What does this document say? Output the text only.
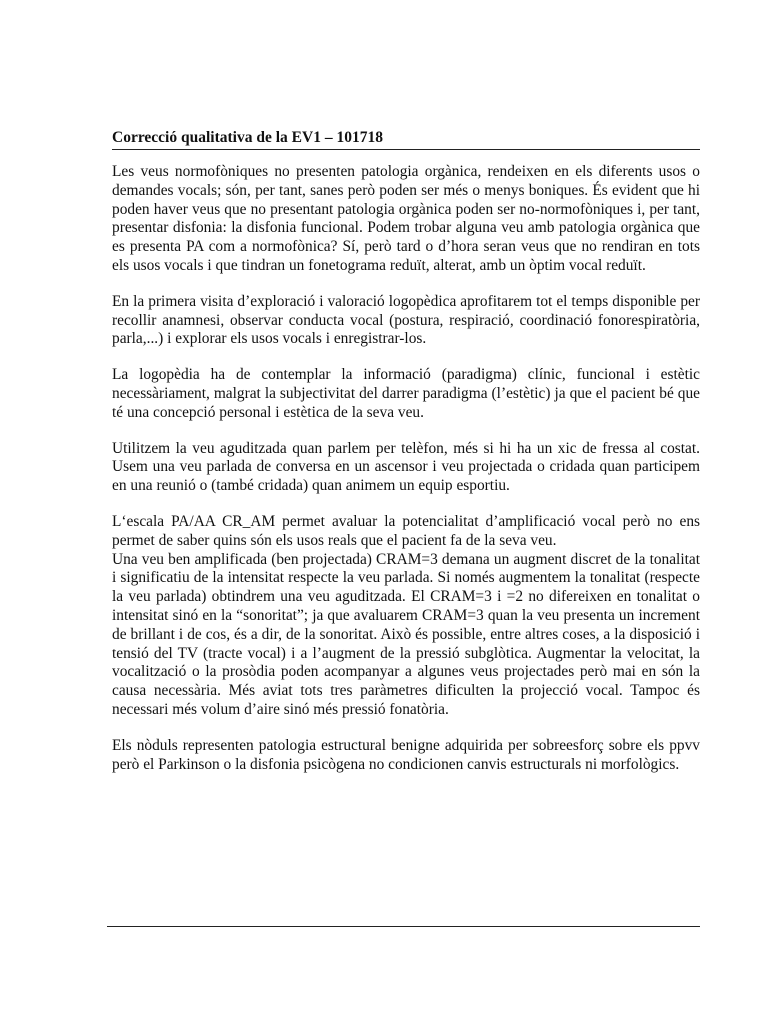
Correcció qualitativa de la EV1 – 101718

Les veus normofòniques no presenten patologia orgànica, rendeixen en els diferents usos o demandes vocals; són, per tant, sanes però poden ser més o menys boniques. És evident que hi poden haver veus que no presentant patologia orgànica poden ser no-normofòniques i, per tant, presentar disfonia: la disfonia funcional. Podem trobar alguna veu amb patologia orgànica que es presenta PA com a normofònica? Sí, però tard o d’hora seran veus que no rendiran en tots els usos vocals i que tindran un fonetograma reduït, alterat, amb un òptim vocal reduït.

En la primera visita d’exploració i valoració logopèdica aprofitarem tot el temps disponible per recollir anamnesi, observar conducta vocal (postura, respiració, coordinació fonorespiratòria, parla,...) i explorar els usos vocals i enregistrar-los.

La logopèdia ha de contemplar la informació (paradigma) clínic, funcional i estètic necessàriament, malgrat la subjectivitat del darrer paradigma (l’estètic) ja que el pacient bé que té una concepció personal i estètica de la seva veu.

Utilitzem la veu aguditzada quan parlem per telèfon, més si hi ha un xic de fressa al costat. Usem una veu parlada de conversa en un ascensor i veu projectada o cridada quan participem en una reunió o (també cridada) quan animem un equip esportiu.

L‘escala PA/AA CR_AM permet avaluar la potencialitat d’amplificació vocal però no ens permet de saber quins són els usos reals que el pacient fa de la seva veu.

Una veu ben amplificada (ben projectada) CRAM=3 demana un augment discret de la tonalitat i significatiu de la intensitat respecte la veu parlada. Si només augmentem la tonalitat (respecte la veu parlada) obtindrem una veu aguditzada. El CRAM=3 i =2 no difereixen en tonalitat o intensitat sinó en la “sonoritat”; ja que avaluarem CRAM=3 quan la veu presenta un increment de brillant i de cos, és a dir, de la sonoritat. Això és possible, entre altres coses, a la disposició i tensió del TV (tracte vocal) i a l’augment de la pressió subglòtica. Augmentar la velocitat, la vocalització o la prosòdia poden acompanyar a algunes veus projectades però mai en són la causa necessària. Més aviat tots tres paràmetres dificulten la projecció vocal. Tampoc és necessari més volum d’aire sinó més pressió fonatòria.

Els nòduls representen patologia estructural benigne adquirida per sobreesforç sobre els ppvv però el Parkinson o la disfonia psicògena no condicionen canvis estructurals ni morfològics.
